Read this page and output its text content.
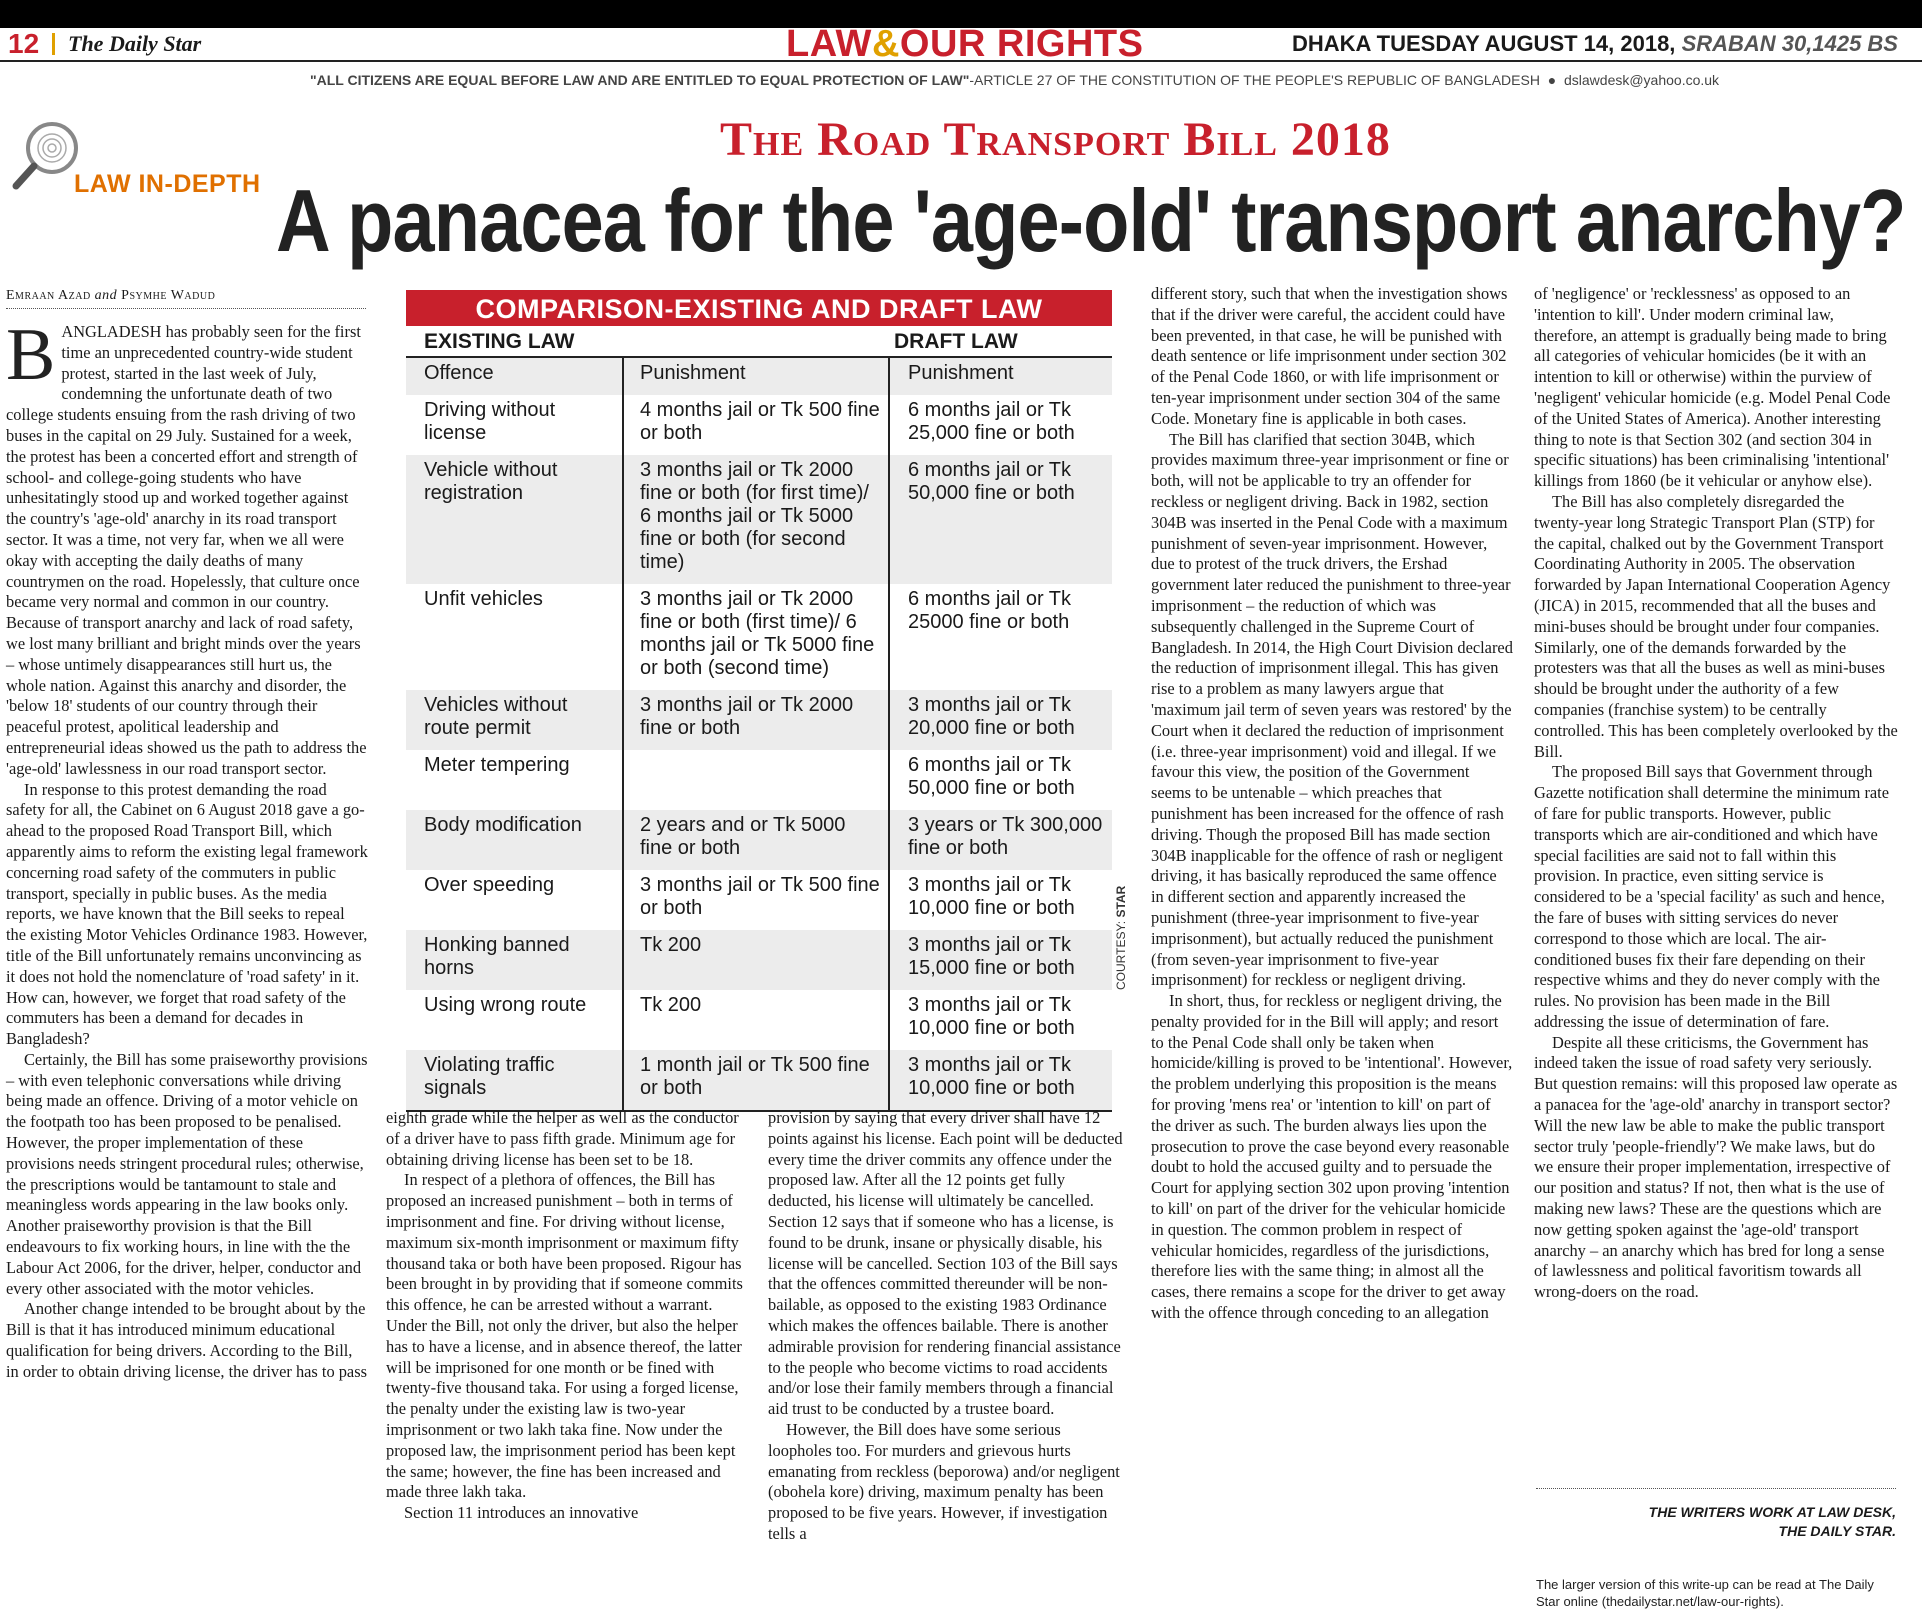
12 The Daily Star	LAW&OUR RIGHTS	DHAKA TUESDAY AUGUST 14, 2018, SRABAN 30,1425 BS
"ALL CITIZENS ARE EQUAL BEFORE LAW AND ARE ENTITLED TO EQUAL PROTECTION OF LAW"-ARTICLE 27 OF THE CONSTITUTION OF THE PEOPLE'S REPUBLIC OF BANGLADESH ● dslawdesk@yahoo.co.uk
LAW IN-DEPTH
The Road Transport Bill 2018
A panacea for the 'age-old' transport anarchy?
Emraan Azad and Psymhe Wadud

BANGLADESH has probably seen for the first time an unprecedented country-wide student protest, started in the last week of July, condemning the unfortunate death of two college students ensuing from the rash driving of two buses in the capital on 29 July. Sustained for a week, the protest has been a concerted effort and strength of school- and college-going students who have unhesitatingly stood up and worked together against the country's 'age-old' anarchy in its road transport sector. It was a time, not very far, when we all were okay with accepting the daily deaths of many countrymen on the road. Hopelessly, that culture once became very normal and common in our country. Because of transport anarchy and lack of road safety, we lost many brilliant and bright minds over the years – whose untimely disappearances still hurt us, the whole nation. Against this anarchy and disorder, the 'below 18' students of our country through their peaceful protest, apolitical leadership and entrepreneurial ideas showed us the path to address the 'age-old' lawlessness in our road transport sector.

In response to this protest demanding the road safety for all, the Cabinet on 6 August 2018 gave a go-ahead to the proposed Road Transport Bill, which apparently aims to reform the existing legal framework concerning road safety of the commuters in public transport, specially in public buses. As the media reports, we have known that the Bill seeks to repeal the existing Motor Vehicles Ordinance 1983. However, title of the Bill unfortunately remains unconvincing as it does not hold the nomenclature of 'road safety' in it. How can, however, we forget that road safety of the commuters has been a demand for decades in Bangladesh?

Certainly, the Bill has some praiseworthy provisions – with even telephonic conversations while driving being made an offence. Driving of a motor vehicle on the footpath too has been proposed to be penalised. However, the proper implementation of these provisions needs stringent procedural rules; otherwise, the prescriptions would be tantamount to stale and meaningless words appearing in the law books only. Another praiseworthy provision is that the Bill endeavours to fix working hours, in line with the the Labour Act 2006, for the driver, helper, conductor and every other associated with the motor vehicles.

Another change intended to be brought about by the Bill is that it has introduced minimum educational qualification for being drivers. According to the Bill, in order to obtain driving license, the driver has to pass

COMPARISON-EXISTING AND DRAFT LAW
EXISTING LAW	DRAFT LAW
Offence	Punishment	Punishment
Driving without license	4 months jail or Tk 500 fine or both	6 months jail or Tk 25,000 fine or both
Vehicle without registration	3 months jail or Tk 2000 fine or both (for first time)/ 6 months jail or Tk 5000 fine or both (for second time)	6 months jail or Tk 50,000 fine or both
Unfit vehicles	3 months jail or Tk 2000 fine or both (first time)/ 6 months jail or Tk 5000 fine or both (second time)	6 months jail or Tk 25000 fine or both
Vehicles without route permit	3 months jail or Tk 2000 fine or both	3 months jail or Tk 20,000 fine or both
Meter tempering		6 months jail or Tk 50,000 fine or both
Body modification	2 years and or Tk 5000 fine or both	3 years or Tk 300,000 fine or both
Over speeding	3 months jail or Tk 500 fine or both	3 months jail or Tk 10,000 fine or both
Honking banned horns	Tk 200	3 months jail or Tk 15,000 fine or both
Using wrong route	Tk 200	3 months jail or Tk 10,000 fine or both
Violating traffic signals	1 month jail or Tk 500 fine or both	3 months jail or Tk 10,000 fine or both
COURTESY: STAR

eighth grade while the helper as well as the conductor of a driver have to pass fifth grade. Minimum age for obtaining driving license has been set to be 18.

In respect of a plethora of offences, the Bill has proposed an increased punishment – both in terms of imprisonment and fine. For driving without license, maximum six-month imprisonment or maximum fifty thousand taka or both have been proposed. Rigour has been brought in by providing that if someone commits this offence, he can be arrested without a warrant. Under the Bill, not only the driver, but also the helper has to have a license, and in absence thereof, the latter will be imprisoned for one month or be fined with twenty-five thousand taka. For using a forged license, the penalty under the existing law is two-year imprisonment or two lakh taka fine. Now under the proposed law, the imprisonment period has been kept the same; however, the fine has been increased and made three lakh taka.

Section 11 introduces an innovative

provision by saying that every driver shall have 12 points against his license. Each point will be deducted every time the driver commits any offence under the proposed law. After all the 12 points get fully deducted, his license will ultimately be cancelled. Section 12 says that if someone who has a license, is found to be drunk, insane or physically disable, his license will be cancelled. Section 103 of the Bill says that the offences committed thereunder will be non-bailable, as opposed to the existing 1983 Ordinance which makes the offences bailable. There is another admirable provision for rendering financial assistance to the people who become victims to road accidents and/or lose their family members through a financial aid trust to be conducted by a trustee board.

However, the Bill does have some serious loopholes too. For murders and grievous hurts emanating from reckless (beporowa) and/or negligent (obohela kore) driving, maximum penalty has been proposed to be five years. However, if investigation tells a

different story, such that when the investigation shows that if the driver were careful, the accident could have been prevented, in that case, he will be punished with death sentence or life imprisonment under section 302 of the Penal Code 1860, or with life imprisonment or ten-year imprisonment under section 304 of the same Code. Monetary fine is applicable in both cases.

The Bill has clarified that section 304B, which provides maximum three-year imprisonment or fine or both, will not be applicable to try an offender for reckless or negligent driving. Back in 1982, section 304B was inserted in the Penal Code with a maximum punishment of seven-year imprisonment. However, due to protest of the truck drivers, the Ershad government later reduced the punishment to three-year imprisonment – the reduction of which was subsequently challenged in the Supreme Court of Bangladesh. In 2014, the High Court Division declared the reduction of imprisonment illegal. This has given rise to a problem as many lawyers argue that 'maximum jail term of seven years was restored' by the Court when it declared the reduction of imprisonment (i.e. three-year imprisonment) void and illegal. If we favour this view, the position of the Government seems to be untenable – which preaches that punishment has been increased for the offence of rash driving. Though the proposed Bill has made section 304B inapplicable for the offence of rash or negligent driving, it has basically reproduced the same offence in different section and apparently increased the punishment (three-year imprisonment to five-year imprisonment), but actually reduced the punishment (from seven-year imprisonment to five-year imprisonment) for reckless or negligent driving.

In short, thus, for reckless or negligent driving, the penalty provided for in the Bill will apply; and resort to the Penal Code shall only be taken when homicide/killing is proved to be 'intentional'. However, the problem underlying this proposition is the means for proving 'mens rea' or 'intention to kill' on part of the driver as such. The burden always lies upon the prosecution to prove the case beyond every reasonable doubt to hold the accused guilty and to persuade the Court for applying section 302 upon proving 'intention to kill' on part of the driver for the vehicular homicide in question. The common problem in respect of vehicular homicides, regardless of the jurisdictions, therefore lies with the same thing; in almost all the cases, there remains a scope for the driver to get away with the offence through conceding to an allegation

of 'negligence' or 'recklessness' as opposed to an 'intention to kill'. Under modern criminal law, therefore, an attempt is gradually being made to bring all categories of vehicular homicides (be it with an intention to kill or otherwise) within the purview of 'negligent' vehicular homicide (e.g. Model Penal Code of the United States of America). Another interesting thing to note is that Section 302 (and section 304 in specific situations) has been criminalising 'intentional' killings from 1860 (be it vehicular or anyhow else).

The Bill has also completely disregarded the twenty-year long Strategic Transport Plan (STP) for the capital, chalked out by the Government Transport Coordinating Authority in 2005. The observation forwarded by Japan International Cooperation Agency (JICA) in 2015, recommended that all the buses and mini-buses should be brought under four companies. Similarly, one of the demands forwarded by the protesters was that all the buses as well as mini-buses should be brought under the authority of a few companies (franchise system) to be centrally controlled. This has been completely overlooked by the Bill.

The proposed Bill says that Government through Gazette notification shall determine the minimum rate of fare for public transports. However, public transports which are air-conditioned and which have special facilities are said not to fall within this provision. In practice, even sitting service is considered to be a 'special facility' as such and hence, the fare of buses with sitting services do never correspond to those which are local. The air-conditioned buses fix their fare depending on their respective whims and they do never comply with the rules. No provision has been made in the Bill addressing the issue of determination of fare.

Despite all these criticisms, the Government has indeed taken the issue of road safety very seriously. But question remains: will this proposed law operate as a panacea for the 'age-old' anarchy in transport sector? Will the new law be able to make the public transport sector truly 'people-friendly'? We make laws, but do we ensure their proper implementation, irrespective of our position and status? If not, then what is the use of making new laws? These are the questions which are now getting spoken against the 'age-old' transport anarchy – an anarchy which has bred for long a sense of lawlessness and political favoritism towards all wrong-doers on the road.

THE WRITERS WORK AT LAW DESK,
THE DAILY STAR.
The larger version of this write-up can be read at The Daily Star online (thedailystar.net/law-our-rights).
